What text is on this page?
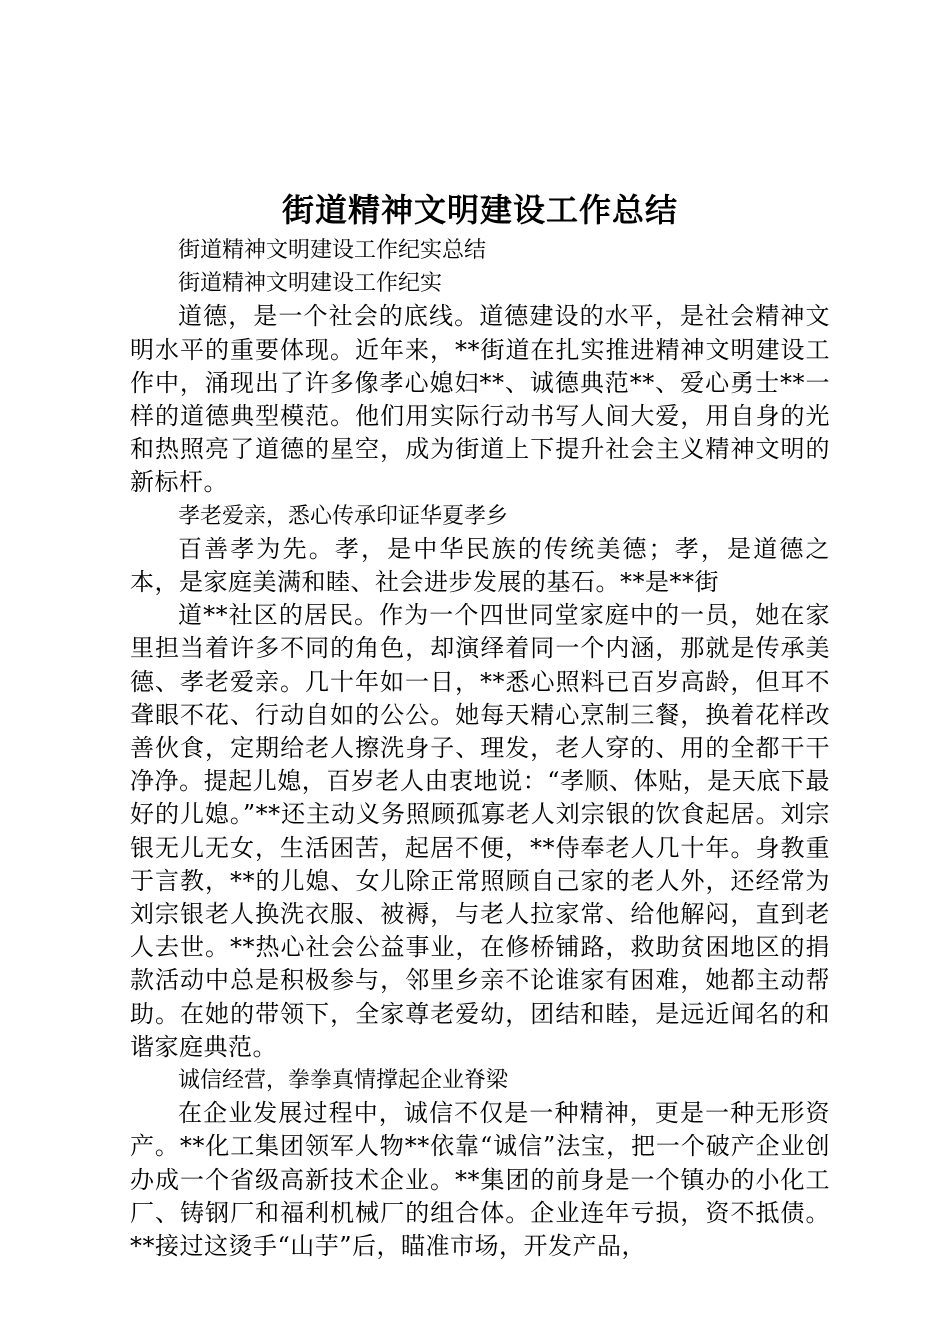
街道精神文明建设工作总结

街道精神文明建设工作纪实总结

街道精神文明建设工作纪实

道德，是一个社会的底线。道德建设的水平，是社会精神文明水平的重要体现。近年来，**街道在扎实推进精神文明建设工作中，涌现出了许多像孝心媳妇**、诚德典范**、爱心勇士**一样的道德典型模范。他们用实际行动书写人间大爱，用自身的光和热照亮了道德的星空，成为街道上下提升社会主义精神文明的新标杆。

孝老爱亲，悉心传承印证华夏孝乡

百善孝为先。孝，是中华民族的传统美德；孝，是道德之本，是家庭美满和睦、社会进步发展的基石。**是**街

道**社区的居民。作为一个四世同堂家庭中的一员，她在家里担当着许多不同的角色，却演绎着同一个内涵，那就是传承美德、孝老爱亲。几十年如一日，**悉心照料已百岁高龄，但耳不聋眼不花、行动自如的公公。她每天精心烹制三餐，换着花样改善伙食，定期给老人擦洗身子、理发，老人穿的、用的全都干干净净。提起儿媳，百岁老人由衷地说：“孝顺、体贴，是天底下最好的儿媳。”**还主动义务照顾孤寡老人刘宗银的饮食起居。刘宗银无儿无女，生活困苦，起居不便，**侍奉老人几十年。身教重于言教，**的儿媳、女儿除正常照顾自己家的老人外，还经常为刘宗银老人换洗衣服、被褥，与老人拉家常、给他解闷，直到老人去世。**热心社会公益事业，在修桥铺路，救助贫困地区的捐款活动中总是积极参与，邻里乡亲不论谁家有困难，她都主动帮助。在她的带领下，全家尊老爱幼，团结和睦，是远近闻名的和谐家庭典范。

诚信经营，拳拳真情撑起企业脊梁

在企业发展过程中，诚信不仅是一种精神，更是一种无形资产。**化工集团领军人物**依靠“诚信”法宝，把一个破产企业创办成一个省级高新技术企业。**集团的前身是一个镇办的小化工厂、铸钢厂和福利机械厂的组合体。企业连年亏损，资不抵债。**接过这烫手“山芋”后，瞄准市场，开发产品，
